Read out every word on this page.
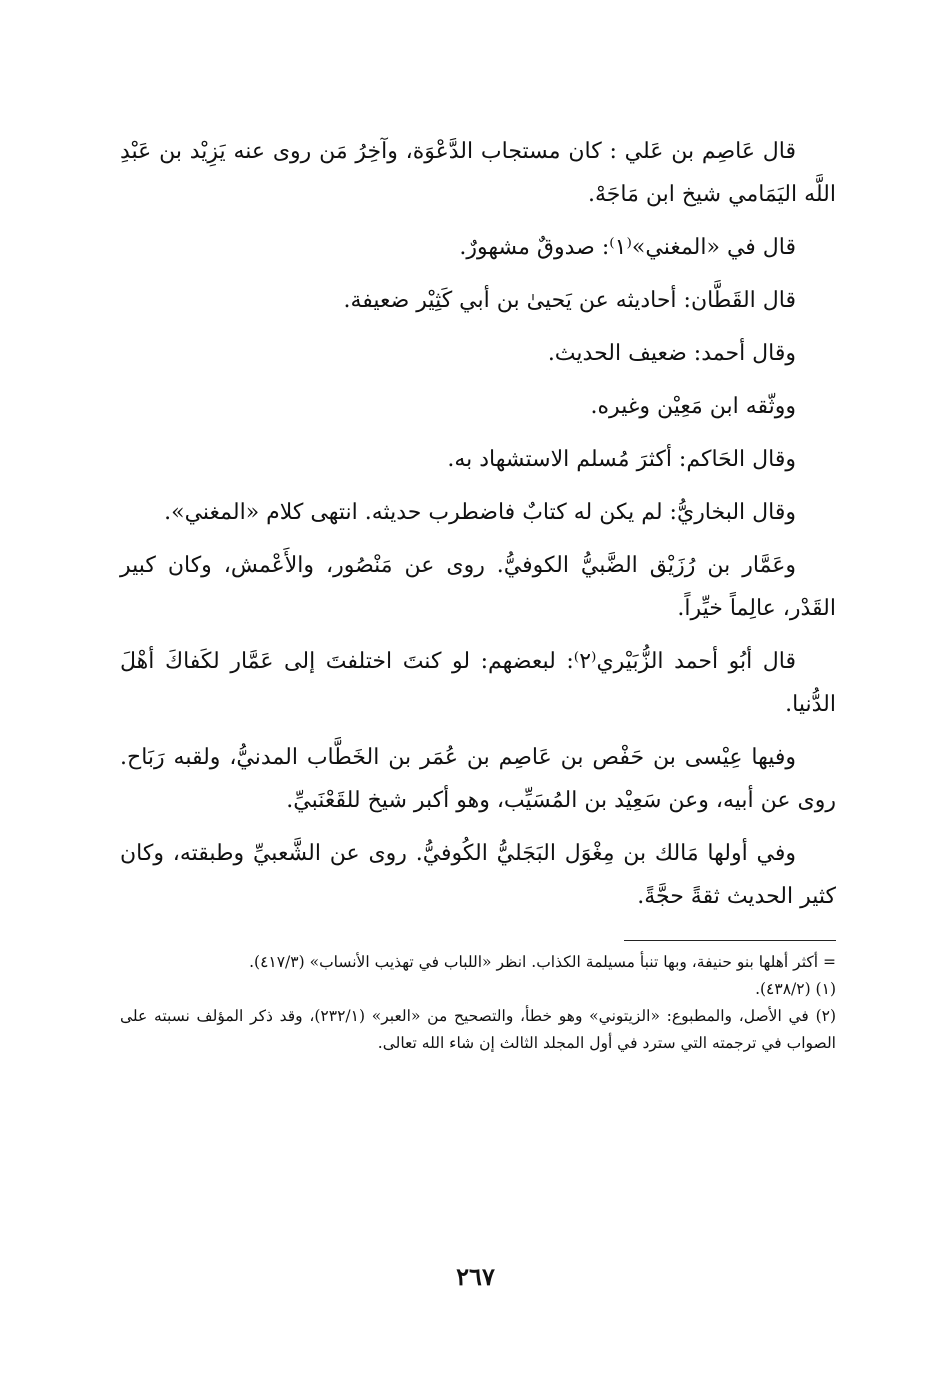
قال عَاصِم بن عَلي : كان مستجاب الدَّعْوَة، وآخِرُ مَن روى عنه يَزِيْد بن عَبْدِ اللَّه اليَمَامي شيخ ابن مَاجَهْ.

قال في «المغني»⁽١⁾: صدوقٌ مشهورٌ.

قال القَطَّان: أحاديثه عن يَحيىٰ بن أبي كَثِيْر ضعيفة.

وقال أحمد: ضعيف الحديث.

ووثّقه ابن مَعِيْن وغيره.

وقال الحَاكم: أكثرَ مُسلم الاستشهاد به.

وقال البخاريُّ: لم يكن له كتابٌ فاضطرب حديثه. انتهى كلام «المغني».

وعَمَّار بن رُزَيْق الضَّبيُّ الكوفيُّ. روى عن مَنْصُور، والأَعْمش، وكان كبير القَدْر، عالِماً خيِّراً.

قال أبُو أحمد الزُّبَيْري⁽٢⁾: لبعضهم: لو كنتَ اختلفتَ إلى عَمَّار لكَفاكَ أهْلَ الدُّنيا.

وفيها عِيْسى بن حَفْص بن عَاصِم بن عُمَر بن الخَطَّاب المدنيُّ، ولقبه رَبَاح. روى عن أبيه، وعن سَعِيْد بن المُسَيِّب، وهو أكبر شيخ للقَعْنَبيِّ.

وفي أولها مَالك بن مِغْوَل البَجَليُّ الكُوفيُّ. روى عن الشَّعبيِّ وطبقته، وكان كثير الحديث ثقةً حجَّةً.

= أكثر أهلها بنو حنيفة، وبها تنبأ مسيلمة الكذاب. انظر «اللباب في تهذيب الأنساب» (٤١٧/٣).

(١) (٤٣٨/٢).

(٢) في الأصل، والمطبوع: «الزيتوني» وهو خطأ، والتصحيح من «العبر» (٢٣٢/١)، وقد ذكر المؤلف نسبته على الصواب في ترجمته التي سترد في أول المجلد الثالث إن شاء الله تعالى.

٢٦٧
